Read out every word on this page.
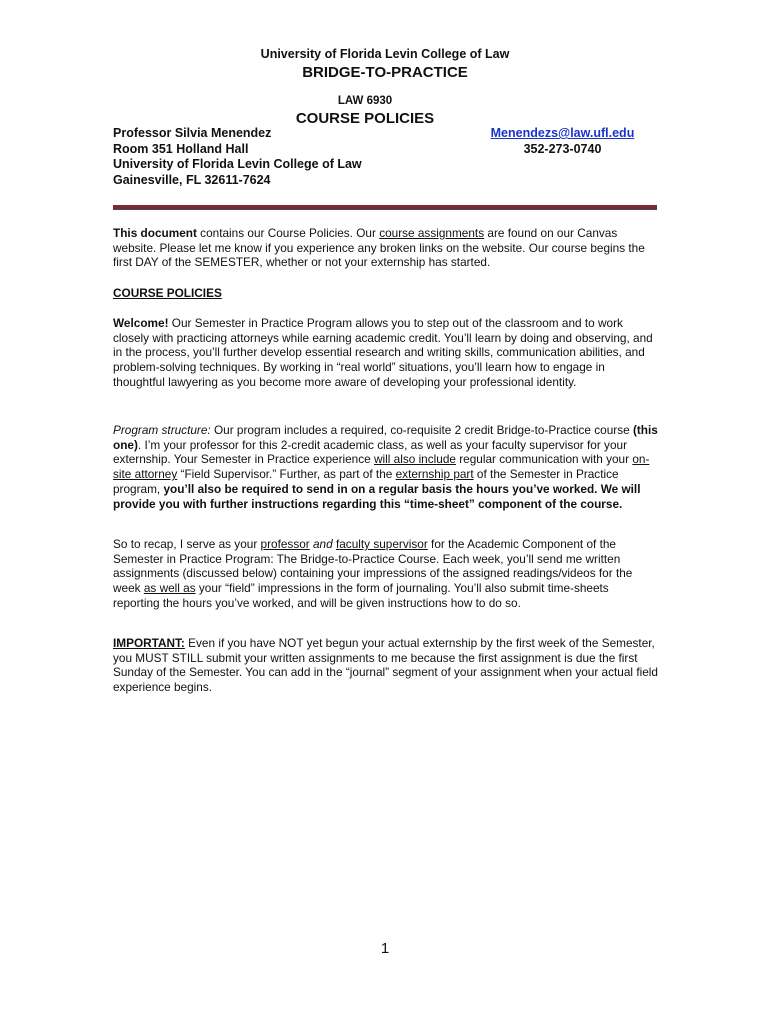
University of Florida Levin College of Law
BRIDGE-TO-PRACTICE
LAW 6930
COURSE POLICIES
Professor Silvia Menendez
Room 351 Holland Hall
University of Florida Levin College of Law
Gainesville, FL 32611-7624
Menendezs@law.ufl.edu
352-273-0740
This document contains our Course Policies. Our course assignments are found on our Canvas website. Please let me know if you experience any broken links on the website. Our course begins the first DAY of the SEMESTER, whether or not your externship has started.
COURSE POLICIES
Welcome! Our Semester in Practice Program allows you to step out of the classroom and to work closely with practicing attorneys while earning academic credit. You’ll learn by doing and observing, and in the process, you’ll further develop essential research and writing skills, communication abilities, and problem-solving techniques. By working in “real world” situations, you’ll learn how to engage in thoughtful lawyering as you become more aware of developing your professional identity.
Program structure: Our program includes a required, co-requisite 2 credit Bridge-to-Practice course (this one). I’m your professor for this 2-credit academic class, as well as your faculty supervisor for your externship. Your Semester in Practice experience will also include regular communication with your on-site attorney “Field Supervisor.” Further, as part of the externship part of the Semester in Practice program, you’ll also be required to send in on a regular basis the hours you’ve worked. We will provide you with further instructions regarding this “time-sheet” component of the course.
So to recap, I serve as your professor and faculty supervisor for the Academic Component of the Semester in Practice Program: The Bridge-to-Practice Course. Each week, you’ll send me written assignments (discussed below) containing your impressions of the assigned readings/videos for the week as well as your “field” impressions in the form of journaling. You’ll also submit time-sheets reporting the hours you’ve worked, and will be given instructions how to do so.
IMPORTANT: Even if you have NOT yet begun your actual externship by the first week of the Semester, you MUST STILL submit your written assignments to me because the first assignment is due the first Sunday of the Semester. You can add in the “journal” segment of your assignment when your actual field experience begins.
1
